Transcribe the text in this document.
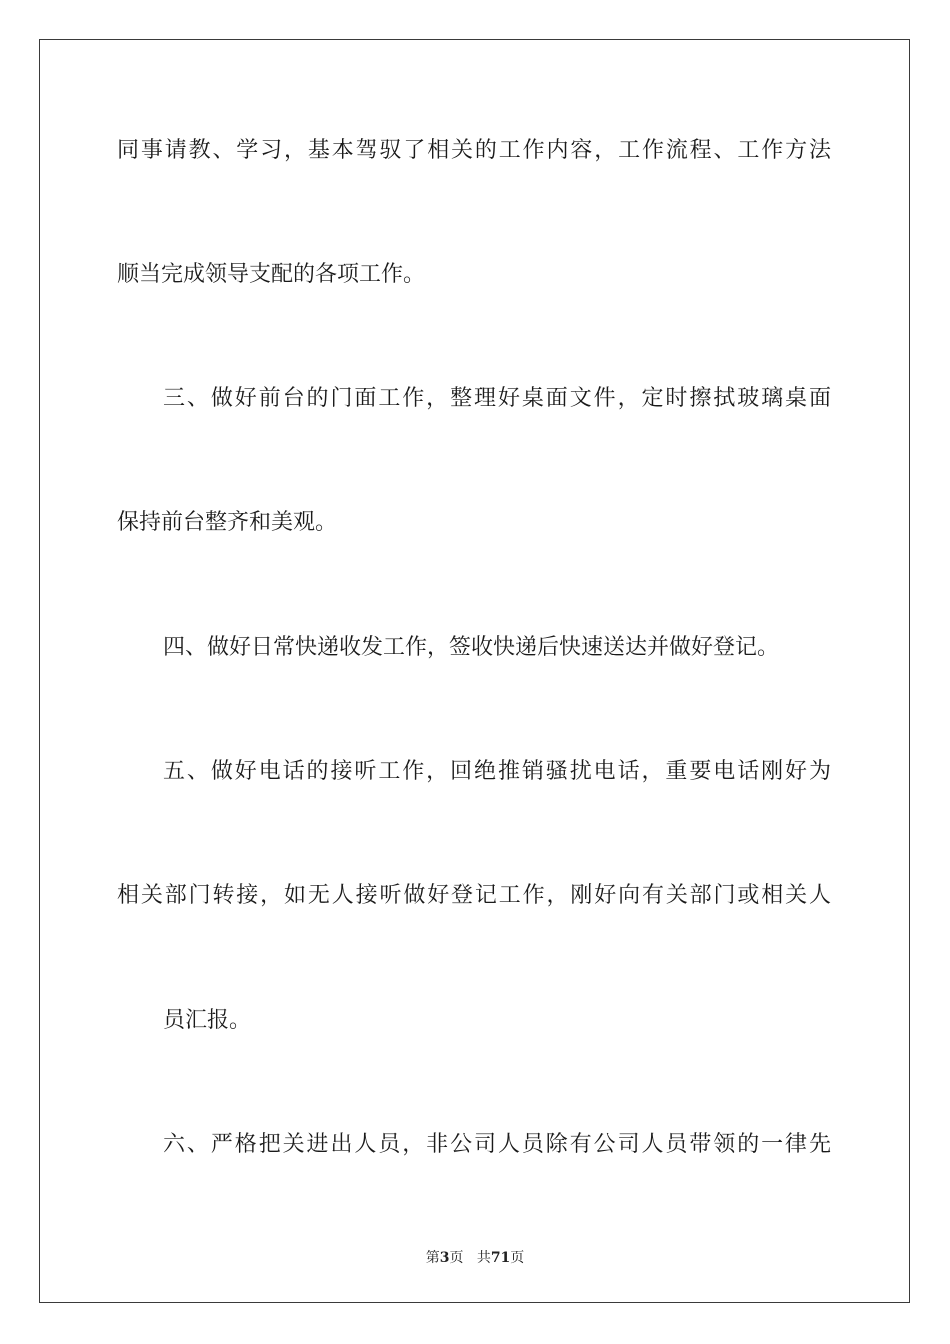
同事请教、学习，基本驾驭了相关的工作内容，工作流程、工作方法
顺当完成领导支配的各项工作。
三、做好前台的门面工作，整理好桌面文件，定时擦拭玻璃桌面
保持前台整齐和美观。
四、做好日常快递收发工作，签收快递后快速送达并做好登记。
五、做好电话的接听工作，回绝推销骚扰电话，重要电话刚好为
相关部门转接，如无人接听做好登记工作，刚好向有关部门或相关人
员汇报。
六、严格把关进出人员，非公司人员除有公司人员带领的一律先
第3页 共71页
